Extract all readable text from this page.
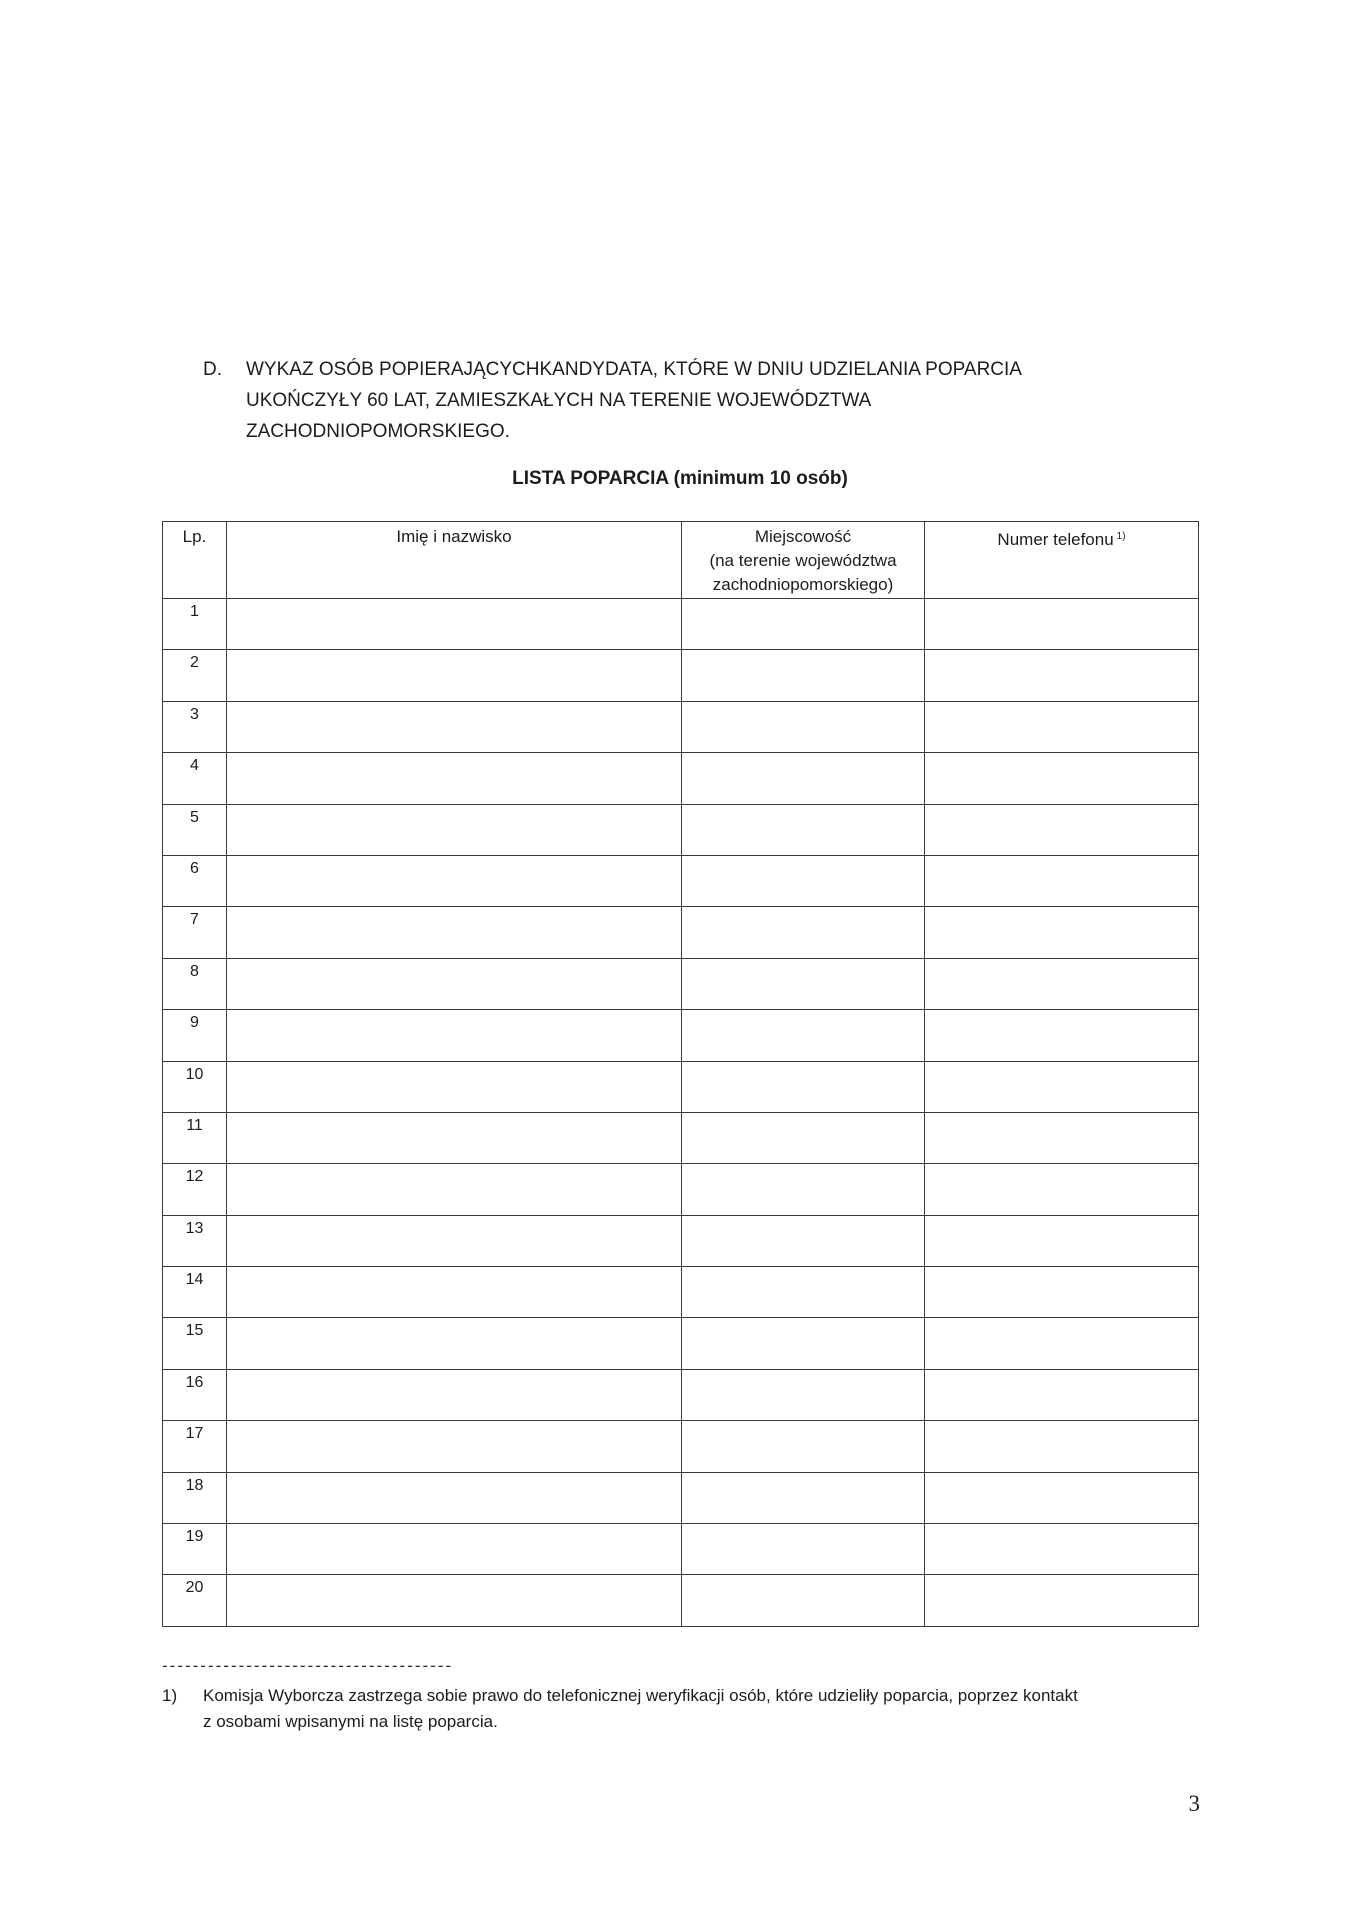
D. WYKAZ OSÓB POPIERAJĄCYCHKANDYDATA, KTÓRE W DNIU UDZIELANIA POPARCIA
UKOŃCZYŁY 60 LAT, ZAMIESZKAŁYCH NA TERENIE WOJEWÓDZTWA
ZACHODNIOPOMORSKIEGO.
LISTA POPARCIA (minimum 10 osób)
Lp.	Imię i nazwisko	Miejscowość
(na terenie województwa
zachodniopomorskiego)	Numer telefonu $^{1)}$
1			
2			
3			
4			
5			
6			
7			
8			
9			
10			
11			
12			
13			
14			
15			
16			
17			
18			
19			
20			
--------------------------------------
1) Komisja Wyborcza zastrzega sobie prawo do telefonicznej weryfikacji osób, które udzieliły poparcia, poprzez kontakt
z osobami wpisanymi na listę poparcia.
3
